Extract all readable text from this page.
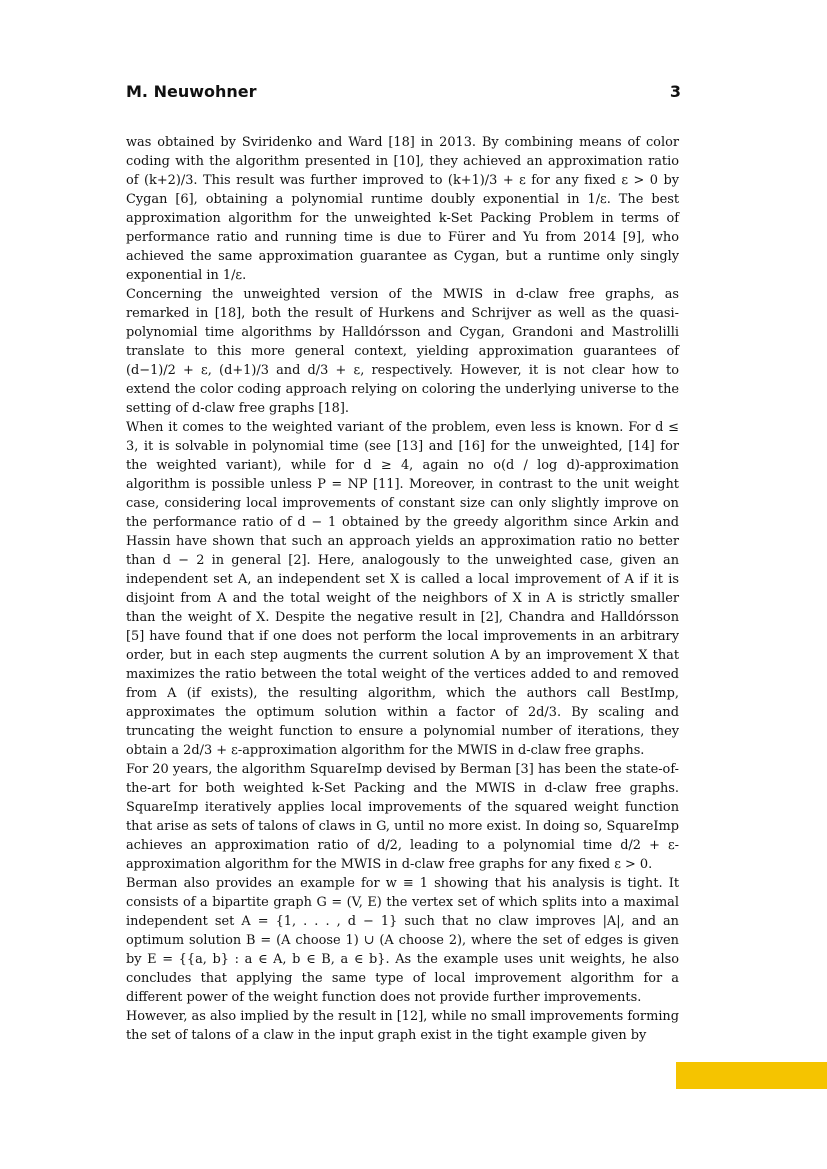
M. Neuwohner	3

was obtained by Sviridenko and Ward [18] in 2013. By combining means of color coding with the algorithm presented in [10], they achieved an approximation ratio of (k+2)/3. This result was further improved to (k+1)/3 + ε for any fixed ε > 0 by Cygan [6], obtaining a polynomial runtime doubly exponential in 1/ε. The best approximation algorithm for the unweighted k-Set Packing Problem in terms of performance ratio and running time is due to Fürer and Yu from 2014 [9], who achieved the same approximation guarantee as Cygan, but a runtime only singly exponential in 1/ε.

Concerning the unweighted version of the MWIS in d-claw free graphs, as remarked in [18], both the result of Hurkens and Schrijver as well as the quasi-polynomial time algorithms by Halldórsson and Cygan, Grandoni and Mastrolilli translate to this more general context, yielding approximation guarantees of (d−1)/2 + ε, (d+1)/3 and d/3 + ε, respectively. However, it is not clear how to extend the color coding approach relying on coloring the underlying universe to the setting of d-claw free graphs [18].

When it comes to the weighted variant of the problem, even less is known. For d ≤ 3, it is solvable in polynomial time (see [13] and [16] for the unweighted, [14] for the weighted variant), while for d ≥ 4, again no o(d / log d)-approximation algorithm is possible unless P = NP [11]. Moreover, in contrast to the unit weight case, considering local improvements of constant size can only slightly improve on the performance ratio of d − 1 obtained by the greedy algorithm since Arkin and Hassin have shown that such an approach yields an approximation ratio no better than d − 2 in general [2]. Here, analogously to the unweighted case, given an independent set A, an independent set X is called a local improvement of A if it is disjoint from A and the total weight of the neighbors of X in A is strictly smaller than the weight of X. Despite the negative result in [2], Chandra and Halldórsson [5] have found that if one does not perform the local improvements in an arbitrary order, but in each step augments the current solution A by an improvement X that maximizes the ratio between the total weight of the vertices added to and removed from A (if exists), the resulting algorithm, which the authors call BestImp, approximates the optimum solution within a factor of 2d/3. By scaling and truncating the weight function to ensure a polynomial number of iterations, they obtain a 2d/3 + ε-approximation algorithm for the MWIS in d-claw free graphs.

For 20 years, the algorithm SquareImp devised by Berman [3] has been the state-of-the-art for both weighted k-Set Packing and the MWIS in d-claw free graphs. SquareImp iteratively applies local improvements of the squared weight function that arise as sets of talons of claws in G, until no more exist. In doing so, SquareImp achieves an approximation ratio of d/2, leading to a polynomial time d/2 + ε-approximation algorithm for the MWIS in d-claw free graphs for any fixed ε > 0.

Berman also provides an example for w ≡ 1 showing that his analysis is tight. It consists of a bipartite graph G = (V, E) the vertex set of which splits into a maximal independent set A = {1, . . . , d − 1} such that no claw improves |A|, and an optimum solution B = (A choose 1) ∪ (A choose 2), where the set of edges is given by E = {{a, b} : a ∈ A, b ∈ B, a ∈ b}. As the example uses unit weights, he also concludes that applying the same type of local improvement algorithm for a different power of the weight function does not provide further improvements.

However, as also implied by the result in [12], while no small improvements forming the set of talons of a claw in the input graph exist in the tight example given by
